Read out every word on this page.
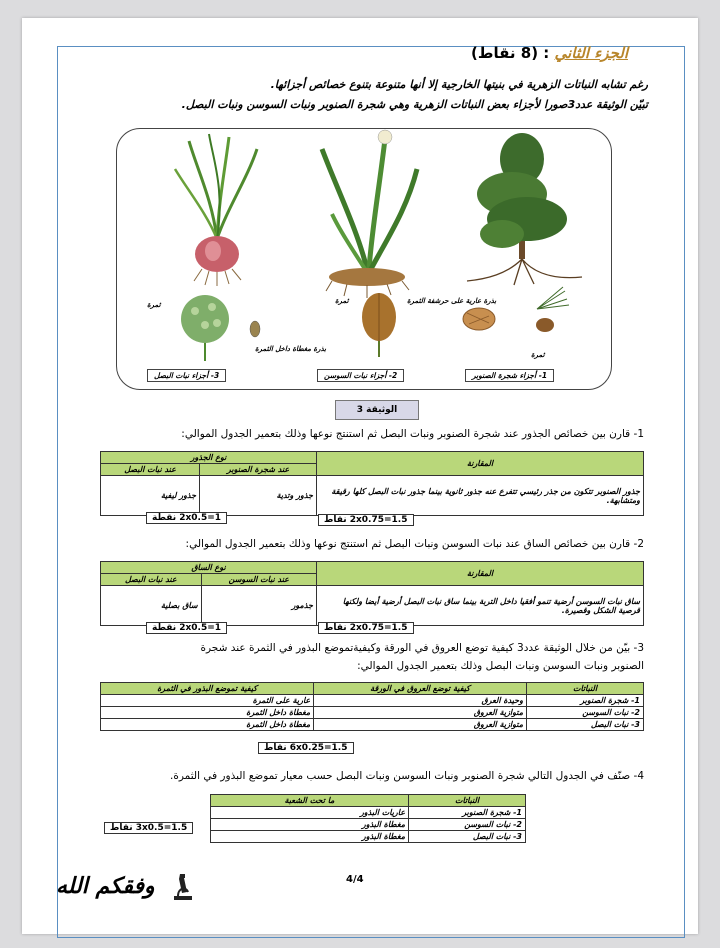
الجزء الثاني : (8 نقاط)
رغم تشابه النباتات الزهرية في بنيتها الخارجية إلا أنها متنوعة بتنوع خصائص أجزائها.
تبيّن الوثيقة عدد3صورا لأجزاء بعض النباتات الزهرية وهي شجرة الصنوبر ونبات السوسن ونبات البصل.
ثمرة
بذرة مغطاة داخل الثمرة
ثمرة	بذرة عارية على حرشفة الثمرة
ثمرة
3- أجزاء نبات البصل	2- أجزاء نبات السوسن	1- أجزاء شجرة الصنوبر
الوثيقة 3
1- قارن بين خصائص الجذور عند شجرة الصنوبر ونبات البصل ثم استنتج نوعها وذلك بتعمير الجدول الموالي:
المقارنة	نوع الجذور	
	عند شجرة الصنوبر	عند نبات البصل
جذور الصنوبر تتكون من جذر رئيسي تتفرع عنه جذور ثانوية بينما جذور نبات البصل كلها رقيقة ومتشابهة.	جذور وتدية	جذور ليفية
1=2x0.5 نقطة	1.5=2x0.75 نقاط
2- قارن بين خصائص الساق عند نبات السوسن ونبات البصل ثم استنتج نوعها وذلك بتعمير الجدول الموالي:
المقارنة	نوع الساق	
	عند نبات السوسن	عند نبات البصل
ساق نبات السوسن أرضية تنمو أفقيا داخل التربة بينما ساق نبات البصل أرضية أيضا ولكنها قرصية الشكل وقصيرة.	جذمور	ساق بصلية
1=2x0.5 نقطة	1.5=2x0.75 نقاط
3- بيّن من خلال الوثيقة عدد3 كيفية توضع العروق في الورقة وكيفيةتموضع البذور في الثمرة عند شجرة
الصنوبر ونبات السوسن ونبات البصل وذلك بتعمير الجدول الموالي:
النباتات	كيفية توضع العروق في الورقة	كيفية تموضع البذور في الثمرة
1- شجرة الصنوبر	وحيدة العرق	عارية على الثمرة
2- نبات السوسن	متوازية العروق	مغطاة داخل الثمرة
3- نبات البصل	متوازية العروق	مغطاة داخل الثمرة
1.5=6x0.25 نقاط
4- صنّف في الجدول التالي شجرة الصنوبر ونبات السوسن ونبات البصل حسب معيار تموضع البذور في الثمرة.
النباتات	ما تحت الشعبة
1- شجرة الصنوبر	عاريات البذور
2- نبات السوسن	مغطاة البذور
3- نبات البصل	مغطاة البذور
1.5=3x0.5 نقاط
4/4
وفقكم الله
